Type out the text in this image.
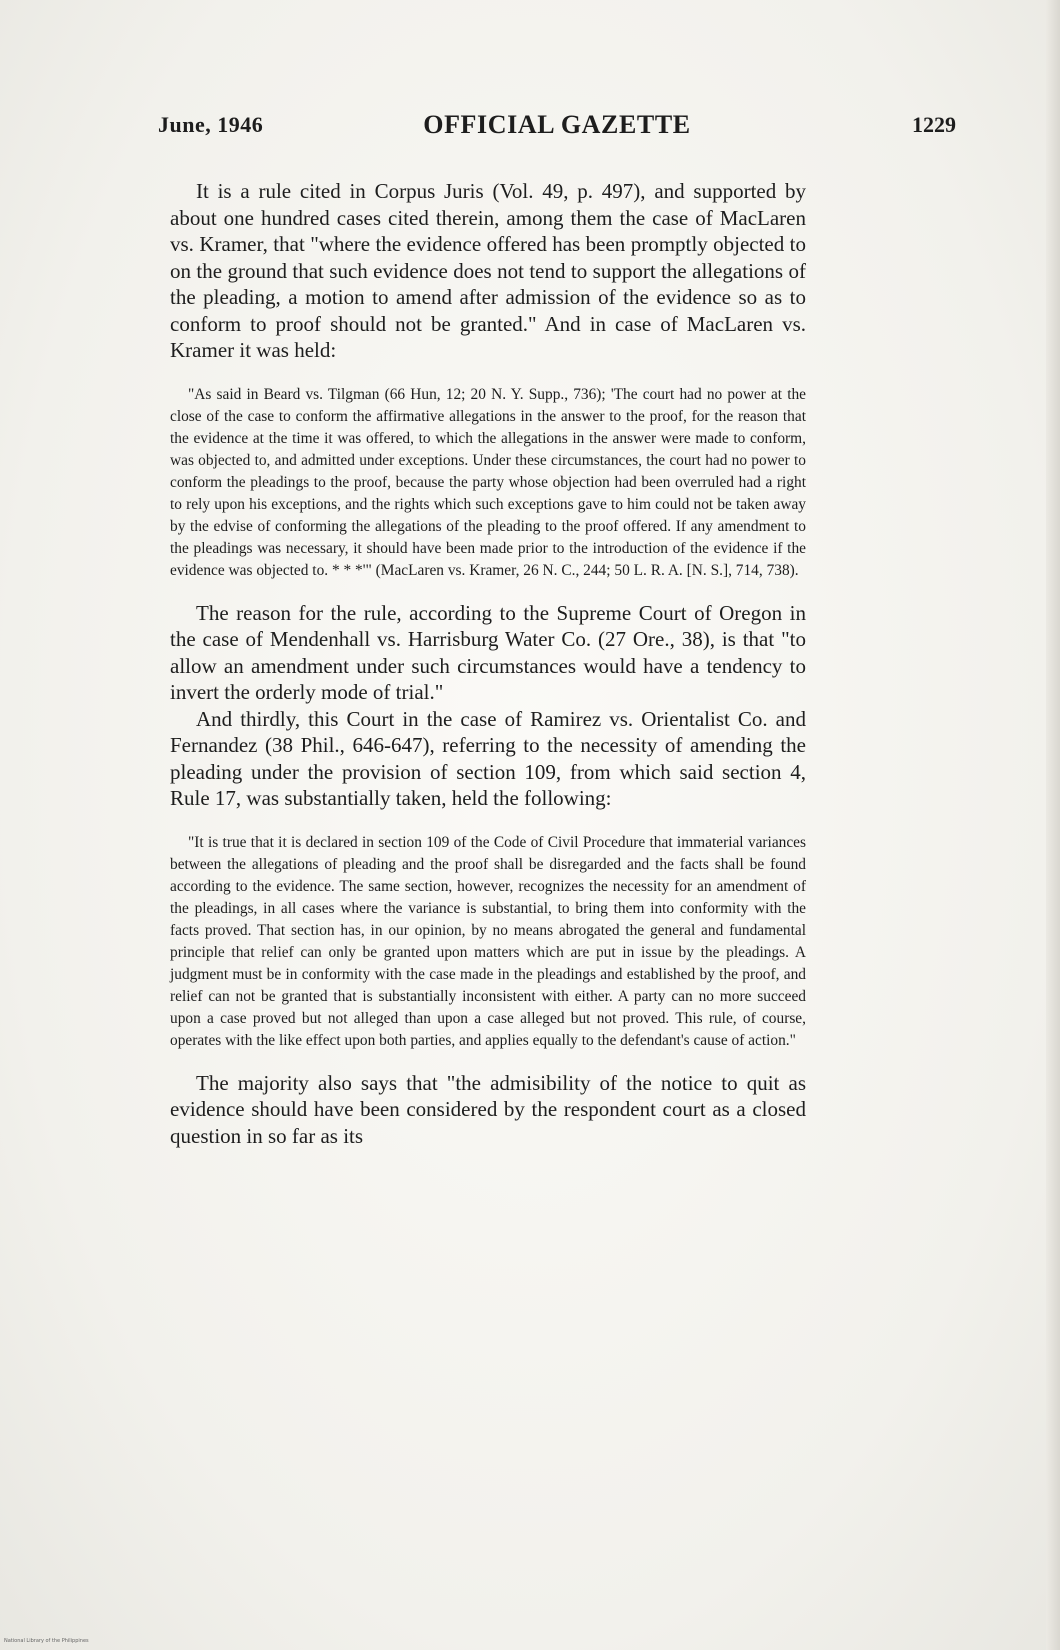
June, 1946	OFFICIAL GAZETTE	1229

It is a rule cited in Corpus Juris (Vol. 49, p. 497), and supported by about one hundred cases cited therein, among them the case of MacLaren vs. Kramer, that "where the evidence offered has been promptly objected to on the ground that such evidence does not tend to support the allegations of the pleading, a motion to amend after admission of the evidence so as to conform to proof should not be granted." And in case of MacLaren vs. Kramer it was held:

"As said in Beard vs. Tilgman (66 Hun, 12; 20 N. Y. Supp., 736); 'The court had no power at the close of the case to conform the affirmative allegations in the answer to the proof, for the reason that the evidence at the time it was offered, to which the allegations in the answer were made to conform, was objected to, and admitted under exceptions. Under these circumstances, the court had no power to conform the pleadings to the proof, because the party whose objection had been overruled had a right to rely upon his exceptions, and the rights which such exceptions gave to him could not be taken away by the edvise of conforming the allegations of the pleading to the proof offered. If any amendment to the pleadings was necessary, it should have been made prior to the introduction of the evidence if the evidence was objected to. * * *'" (MacLaren vs. Kramer, 26 N. C., 244; 50 L. R. A. [N. S.], 714, 738).

The reason for the rule, according to the Supreme Court of Oregon in the case of Mendenhall vs. Harrisburg Water Co. (27 Ore., 38), is that "to allow an amendment under such circumstances would have a tendency to invert the orderly mode of trial."

And thirdly, this Court in the case of Ramirez vs. Orientalist Co. and Fernandez (38 Phil., 646-647), referring to the necessity of amending the pleading under the provision of section 109, from which said section 4, Rule 17, was substantially taken, held the following:

"It is true that it is declared in section 109 of the Code of Civil Procedure that immaterial variances between the allegations of pleading and the proof shall be disregarded and the facts shall be found according to the evidence. The same section, however, recognizes the necessity for an amendment of the pleadings, in all cases where the variance is substantial, to bring them into conformity with the facts proved. That section has, in our opinion, by no means abrogated the general and fundamental principle that relief can only be granted upon matters which are put in issue by the pleadings. A judgment must be in conformity with the case made in the pleadings and established by the proof, and relief can not be granted that is substantially inconsistent with either. A party can no more succeed upon a case proved but not alleged than upon a case alleged but not proved. This rule, of course, operates with the like effect upon both parties, and applies equally to the defendant's cause of action."

The majority also says that "the admisibility of the notice to quit as evidence should have been considered by the respondent court as a closed question in so far as its

National Library of the Philippines
